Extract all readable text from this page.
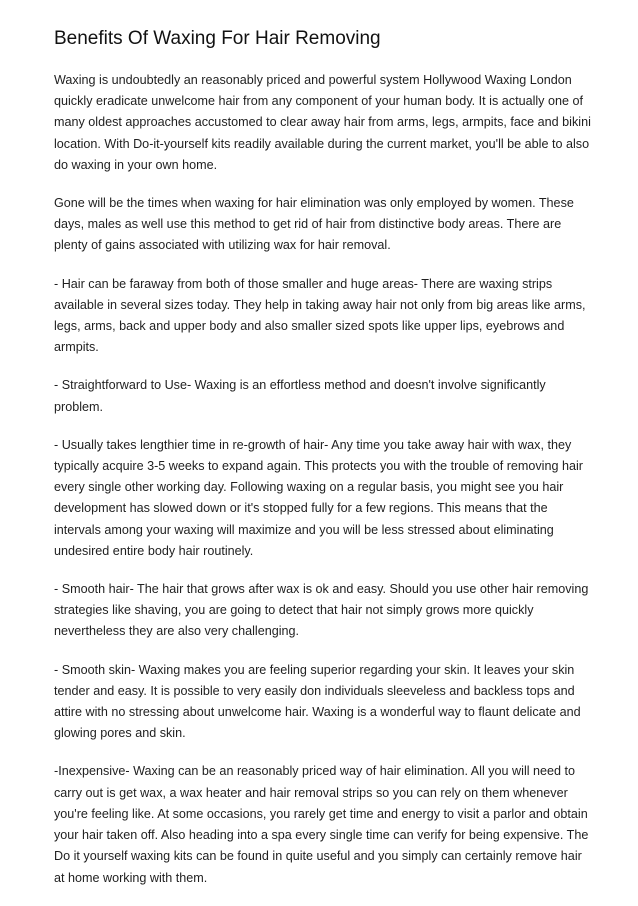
Benefits Of Waxing For Hair Removing

Waxing is undoubtedly an reasonably priced and powerful system Hollywood Waxing London quickly eradicate unwelcome hair from any component of your human body. It is actually one of many oldest approaches accustomed to clear away hair from arms, legs, armpits, face and bikini location. With Do-it-yourself kits readily available during the current market, you'll be able to also do waxing in your own home.

Gone will be the times when waxing for hair elimination was only employed by women. These days, males as well use this method to get rid of hair from distinctive body areas. There are plenty of gains associated with utilizing wax for hair removal.

- Hair can be faraway from both of those smaller and huge areas- There are waxing strips available in several sizes today. They help in taking away hair not only from big areas like arms, legs, arms, back and upper body and also smaller sized spots like upper lips, eyebrows and armpits.

- Straightforward to Use- Waxing is an effortless method and doesn't involve significantly problem.

- Usually takes lengthier time in re-growth of hair- Any time you take away hair with wax, they typically acquire 3-5 weeks to expand again. This protects you with the trouble of removing hair every single other working day. Following waxing on a regular basis, you might see you hair development has slowed down or it's stopped fully for a few regions. This means that the intervals among your waxing will maximize and you will be less stressed about eliminating undesired entire body hair routinely.

- Smooth hair- The hair that grows after wax is ok and easy. Should you use other hair removing strategies like shaving, you are going to detect that hair not simply grows more quickly nevertheless they are also very challenging.

- Smooth skin- Waxing makes you are feeling superior regarding your skin. It leaves your skin tender and easy. It is possible to very easily don individuals sleeveless and backless tops and attire with no stressing about unwelcome hair. Waxing is a wonderful way to flaunt delicate and glowing pores and skin.

-Inexpensive- Waxing can be an reasonably priced way of hair elimination. All you will need to carry out is get wax, a wax heater and hair removal strips so you can rely on them whenever you're feeling like. At some occasions, you rarely get time and energy to visit a parlor and obtain your hair taken off. Also heading into a spa every single time can verify for being expensive. The Do it yourself waxing kits can be found in quite useful and you simply can certainly remove hair at home working with them.
